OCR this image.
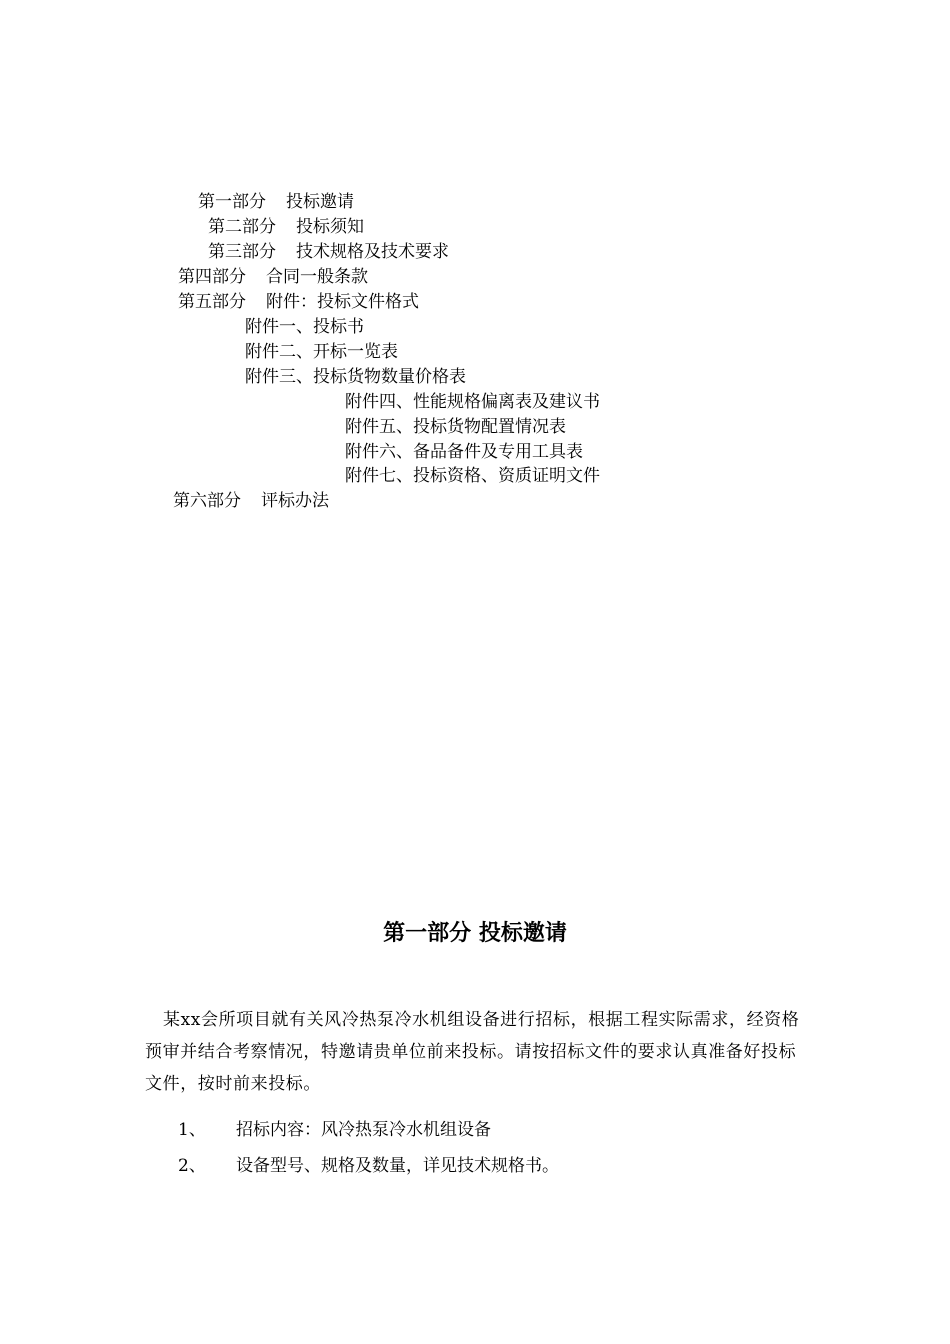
第一部分 投标邀请
第二部分 投标须知
第三部分 技术规格及技术要求
第四部分 合同一般条款
第五部分 附件：投标文件格式
附件一、投标书
附件二、开标一览表
附件三、投标货物数量价格表
附件四、性能规格偏离表及建议书
附件五、投标货物配置情况表
附件六、备品备件及专用工具表
附件七、投标资格、资质证明文件
第六部分 评标办法
第一部分 投标邀请
某xx会所项目就有关风冷热泵冷水机组设备进行招标，根据工程实际需求，经资格预审并结合考察情况，特邀请贵单位前来投标。请按招标文件的要求认真准备好投标文件，按时前来投标。
1、 招标内容：风冷热泵冷水机组设备
2、 设备型号、规格及数量，详见技术规格书。
